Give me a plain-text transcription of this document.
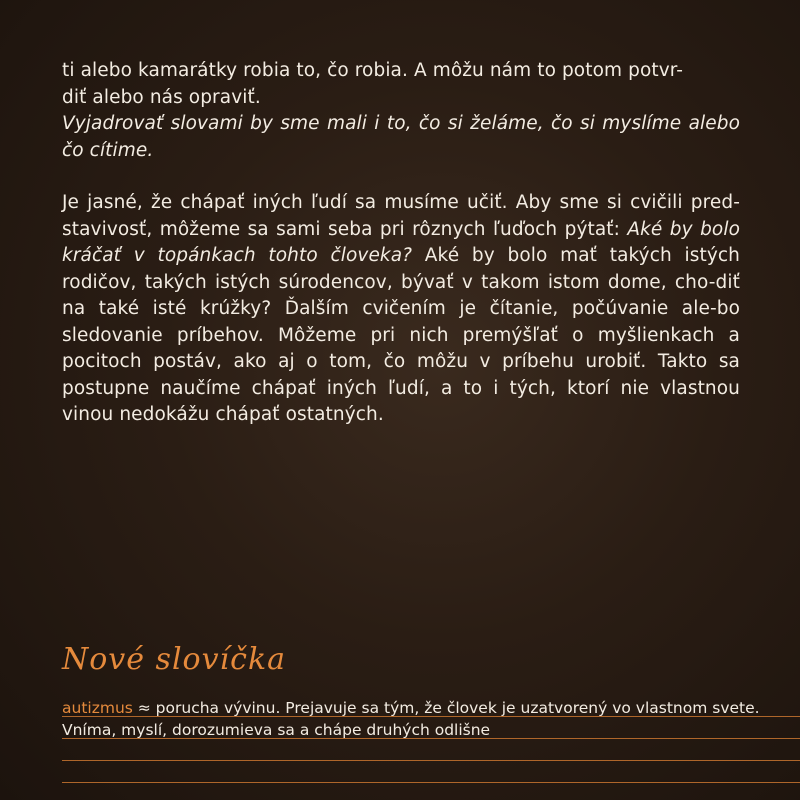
ti alebo kamarátky robia to, čo robia. A môžu nám to potom potvr-
diť alebo nás opraviť.
Vyjadrovať slovami by sme mali i to, čo si želáme, čo si myslíme alebo čo cítime.

Je jasné, že chápať iných ľudí sa musíme učiť. Aby sme si cvičili pred-stavivosť, môžeme sa sami seba pri rôznych ľuďoch pýtať: Aké by bolo kráčať v topánkach tohto človeka? Aké by bolo mať takých istých rodičov, takých istých súrodencov, bývať v takom istom dome, cho-diť na také isté krúžky? Ďalším cvičením je čítanie, počúvanie ale-bo sledovanie príbehov. Môžeme pri nich premýšľať o myšlienkach a pocitoch postáv, ako aj o tom, čo môžu v príbehu urobiť. Takto sa postupne naučíme chápať iných ľudí, a to i tých, ktorí nie vlastnou vinou nedokážu chápať ostatných.

Nové slovíčka
autizmus ≈ porucha vývinu. Prejavuje sa tým, že človek je uzatvorený vo vlastnom svete. Vníma, myslí, dorozumieva sa a chápe druhých odlišne
